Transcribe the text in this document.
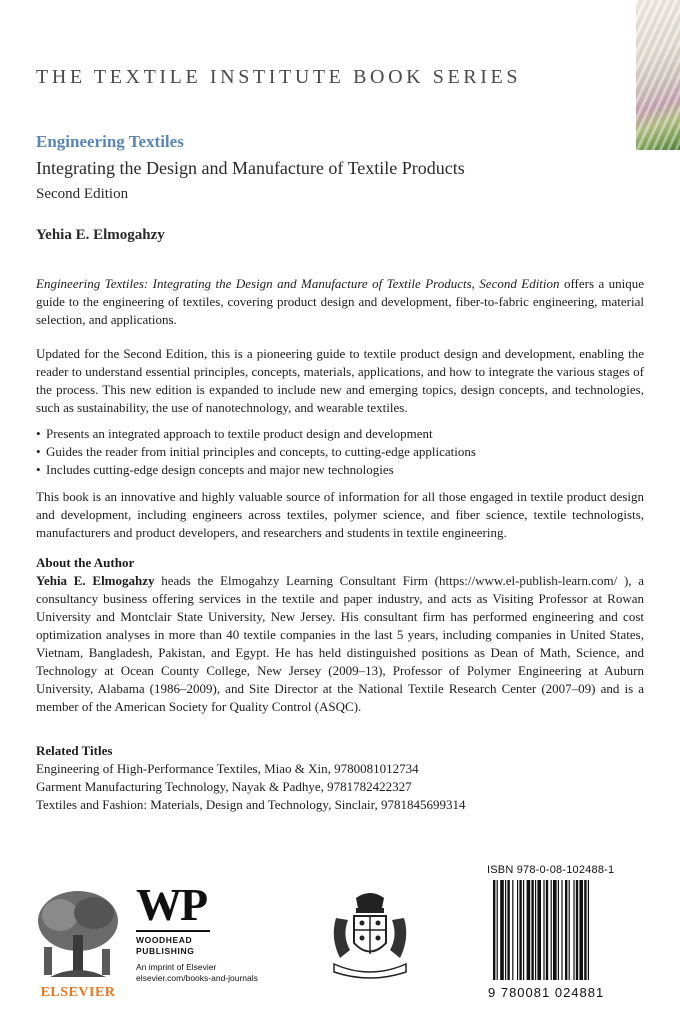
THE TEXTILE INSTITUTE BOOK SERIES
Engineering Textiles
Integrating the Design and Manufacture of Textile Products
Second Edition
Yehia E. Elmogahzy

Engineering Textiles: Integrating the Design and Manufacture of Textile Products, Second Edition offers a unique guide to the engineering of textiles, covering product design and development, fiber-to-fabric engineering, material selection, and applications.

Updated for the Second Edition, this is a pioneering guide to textile product design and development, enabling the reader to understand essential principles, concepts, materials, applications, and how to integrate the various stages of the process. This new edition is expanded to include new and emerging topics, design concepts, and technologies, such as sustainability, the use of nanotechnology, and wearable textiles.

• Presents an integrated approach to textile product design and development
• Guides the reader from initial principles and concepts, to cutting-edge applications
• Includes cutting-edge design concepts and major new technologies

This book is an innovative and highly valuable source of information for all those engaged in textile product design and development, including engineers across textiles, polymer science, and fiber science, textile technologists, manufacturers and product developers, and researchers and students in textile engineering.

About the Author

Yehia E. Elmogahzy heads the Elmogahzy Learning Consultant Firm (https://www.el-publish-learn.com/ ), a consultancy business offering services in the textile and paper industry, and acts as Visiting Professor at Rowan University and Montclair State University, New Jersey. His consultant firm has performed engineering and cost optimization analyses in more than 40 textile companies in the last 5 years, including companies in United States, Vietnam, Bangladesh, Pakistan, and Egypt. He has held distinguished positions as Dean of Math, Science, and Technology at Ocean County College, New Jersey (2009–13), Professor of Polymer Engineering at Auburn University, Alabama (1986–2009), and Site Director at the National Textile Research Center (2007–09) and is a member of the American Society for Quality Control (ASQC).

Related Titles
Engineering of High-Performance Textiles, Miao & Xin, 9780081012734
Garment Manufacturing Technology, Nayak & Padhye, 9781782422327
Textiles and Fashion: Materials, Design and Technology, Sinclair, 9781845699314
ELSEVIER
WP
WOODHEAD
PUBLISHING
An imprint of Elsevier
elsevier.com/books-and-journals
ISBN 978-0-08-102488-1
9 780081 024881
